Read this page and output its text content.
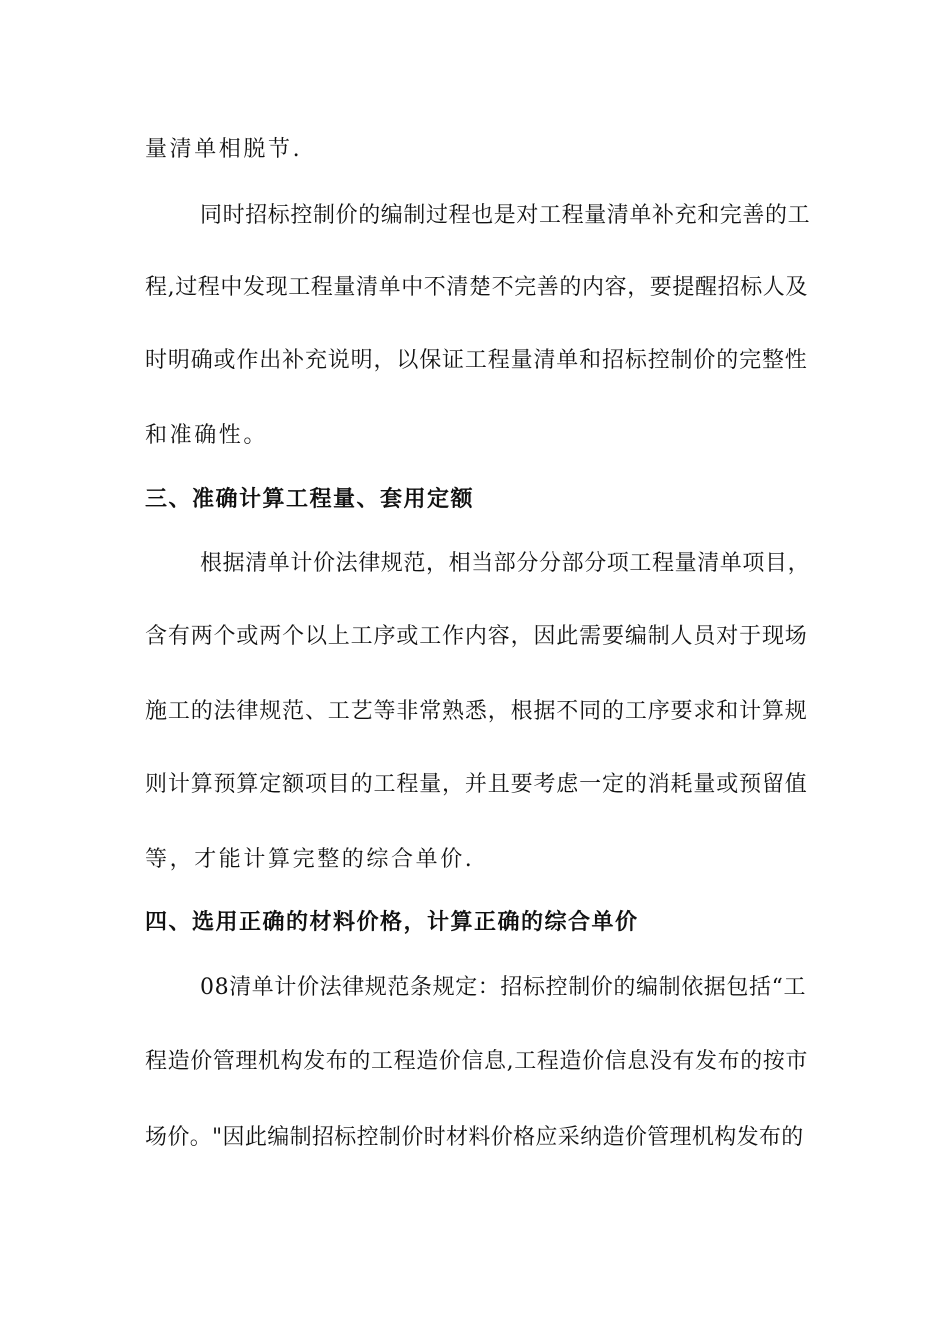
量清单相脱节.
同时招标控制价的编制过程也是对工程量清单补充和完善的工
程,过程中发现工程量清单中不清楚不完善的内容，要提醒招标人及
时明确或作出补充说明，以保证工程量清单和招标控制价的完整性
和准确性。
三、准确计算工程量、套用定额
根据清单计价法律规范，相当部分分部分项工程量清单项目，
含有两个或两个以上工序或工作内容，因此需要编制人员对于现场
施工的法律规范、工艺等非常熟悉，根据不同的工序要求和计算规
则计算预算定额项目的工程量，并且要考虑一定的消耗量或预留值
等，才能计算完整的综合单价.
四、选用正确的材料价格，计算正确的综合单价
08清单计价法律规范条规定：招标控制价的编制依据包括“工
程造价管理机构发布的工程造价信息,工程造价信息没有发布的按市
场价。"因此编制招标控制价时材料价格应采纳造价管理机构发布的
